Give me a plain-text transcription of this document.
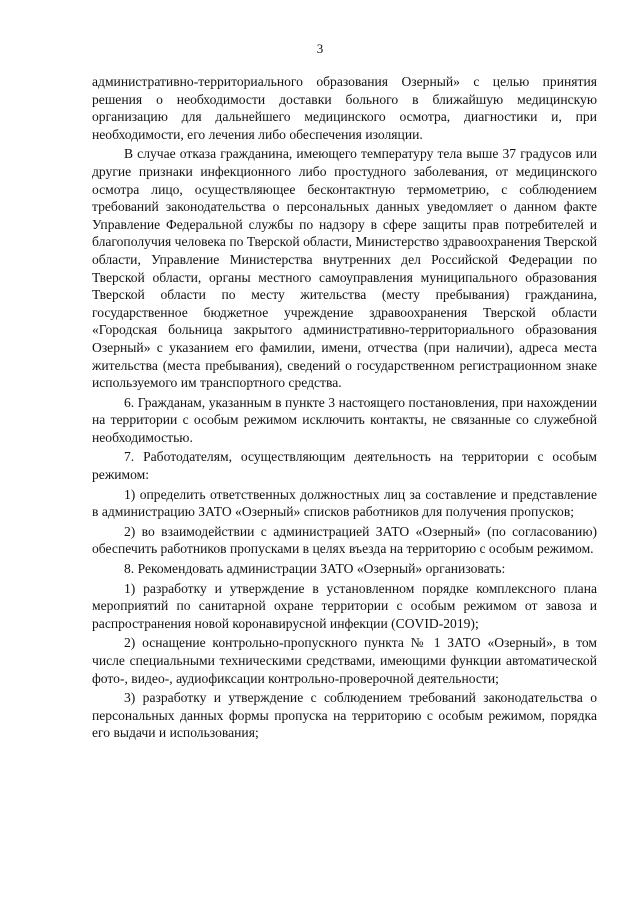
3

административно-территориального образования Озерный» с целью принятия решения о необходимости доставки больного в ближайшую медицинскую организацию для дальнейшего медицинского осмотра, диагностики и, при необходимости, его лечения либо обеспечения изоляции.

В случае отказа гражданина, имеющего температуру тела выше 37 градусов или другие признаки инфекционного либо простудного заболевания, от медицинского осмотра лицо, осуществляющее бесконтактную термометрию, с соблюдением требований законодательства о персональных данных уведомляет о данном факте Управление Федеральной службы по надзору в сфере защиты прав потребителей и благополучия человека по Тверской области, Министерство здравоохранения Тверской области, Управление Министерства внутренних дел Российской Федерации по Тверской области, органы местного самоуправления муниципального образования Тверской области по месту жительства (месту пребывания) гражданина, государственное бюджетное учреждение здравоохранения Тверской области «Городская больница закрытого административно-территориального образования Озерный» с указанием его фамилии, имени, отчества (при наличии), адреса места жительства (места пребывания), сведений о государственном регистрационном знаке используемого им транспортного средства.

6. Гражданам, указанным в пункте 3 настоящего постановления, при нахождении на территории с особым режимом исключить контакты, не связанные со служебной необходимостью.

7. Работодателям, осуществляющим деятельность на территории с особым режимом:

1) определить ответственных должностных лиц за составление и представление в администрацию ЗАТО «Озерный» списков работников для получения пропусков;

2) во взаимодействии с администрацией ЗАТО «Озерный» (по согласованию) обеспечить работников пропусками в целях въезда на территорию с особым режимом.

8. Рекомендовать администрации ЗАТО «Озерный» организовать:

1) разработку и утверждение в установленном порядке комплексного плана мероприятий по санитарной охране территории с особым режимом от завоза и распространения новой коронавирусной инфекции (COVID-2019);

2) оснащение контрольно-пропускного пункта № 1 ЗАТО «Озерный», в том числе специальными техническими средствами, имеющими функции автоматической фото-, видео-, аудиофиксации контрольно-проверочной деятельности;

3) разработку и утверждение с соблюдением требований законодательства о персональных данных формы пропуска на территорию с особым режимом, порядка его выдачи и использования;
